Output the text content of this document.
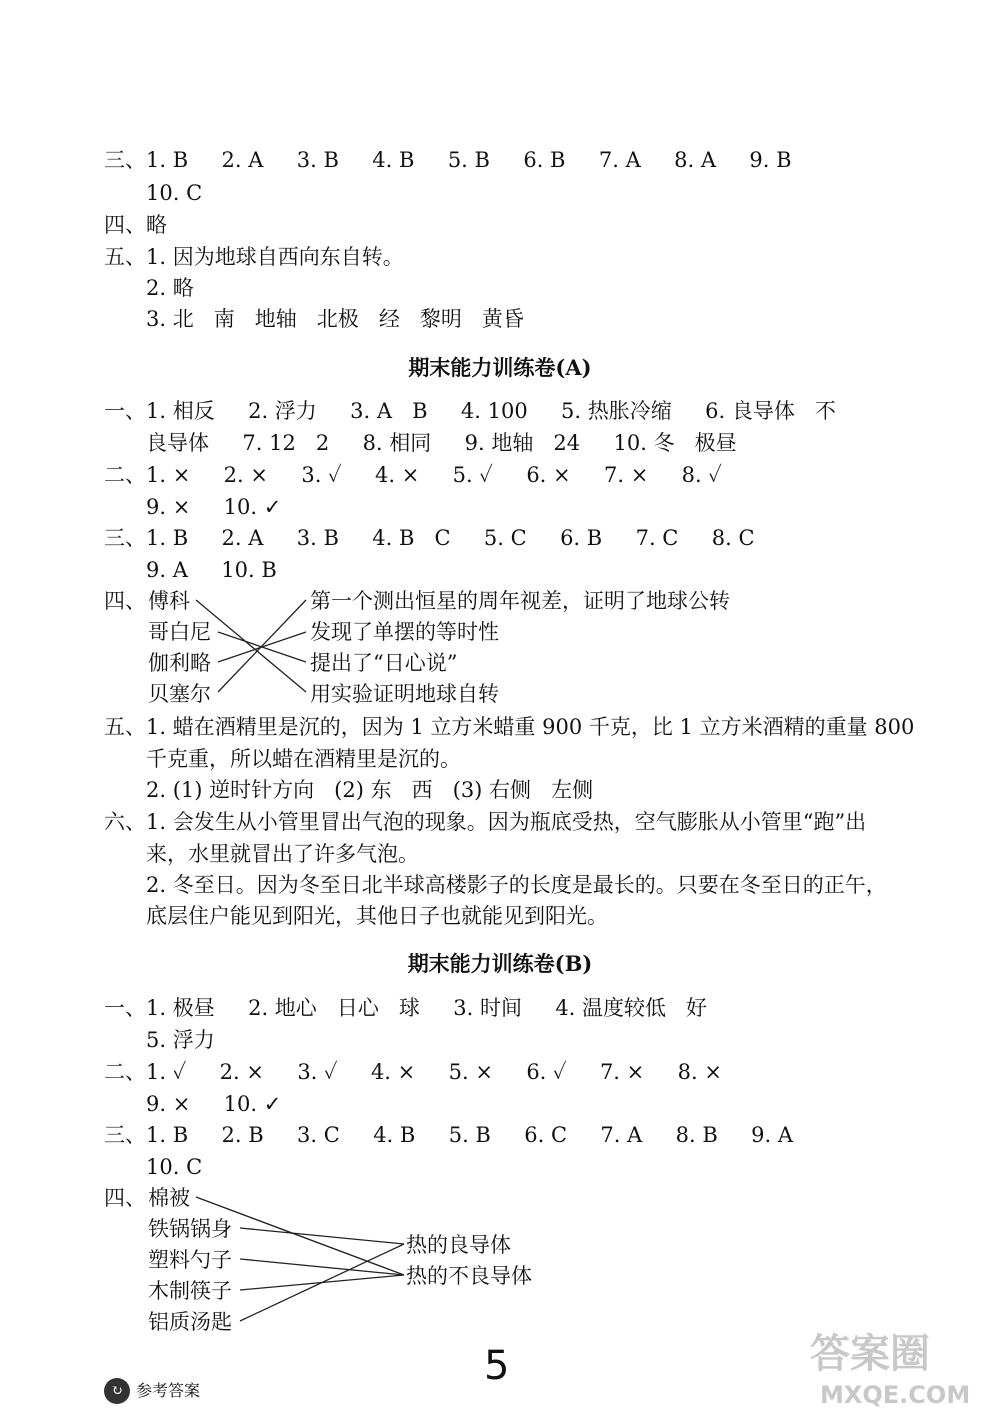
三、1. B     2. A     3. B     4. B     5. B     6. B     7. A     8. A     9. B
10. C
四、略
五、1. 因为地球自西向东自转。
2. 略
3. 北   南   地轴   北极   经   黎明   黄昏
期末能力训练卷(A)
一、1. 相反     2. 浮力     3. A   B     4. 100     5. 热胀冷缩     6. 良导体   不
良导体     7. 12   2     8. 相同     9. 地轴   24     10. 冬   极昼
二、1. ×     2. ×     3. ✓     4. ×     5. ✓     6. ×     7. ×     8. ✓
9. ×     10. ✓
三、1. B     2. A     3. B     4. B   C     5. C     6. B     7. C     8. C
9. A     10. B
四、 傅科
哥白尼
伽利略
贝塞尔
第一个测出恒星的周年视差，证明了地球公转
发现了单摆的等时性
提出了“日心说”
用实验证明地球自转
五、1. 蜡在酒精里是沉的，因为 1 立方米蜡重 900 千克，比 1 立方米酒精的重量 800
千克重，所以蜡在酒精里是沉的。
2. (1) 逆时针方向   (2) 东   西   (3) 右侧   左侧
六、1. 会发生从小管里冒出气泡的现象。因为瓶底受热，空气膨胀从小管里“跑”出
来，水里就冒出了许多气泡。
2. 冬至日。因为冬至日北半球高楼影子的长度是最长的。只要在冬至日的正午，
底层住户能见到阳光，其他日子也就能见到阳光。
期末能力训练卷(B)
一、1. 极昼     2. 地心   日心   球     3. 时间     4. 温度较低   好
5. 浮力
二、1. ✓     2. ×     3. ✓     4. ×     5. ×     6. ✓     7. ×     8. ×
9. ×     10. ✓
三、1. B     2. B     3. C     4. B     5. B     6. C     7. A     8. B     9. A
10. C
四、 棉被
铁锅锅身
塑料勺子
木制筷子
铝质汤匙
热的良导体
热的不良导体
↻ 参考答案
5	答案圈
MXQE.COM
